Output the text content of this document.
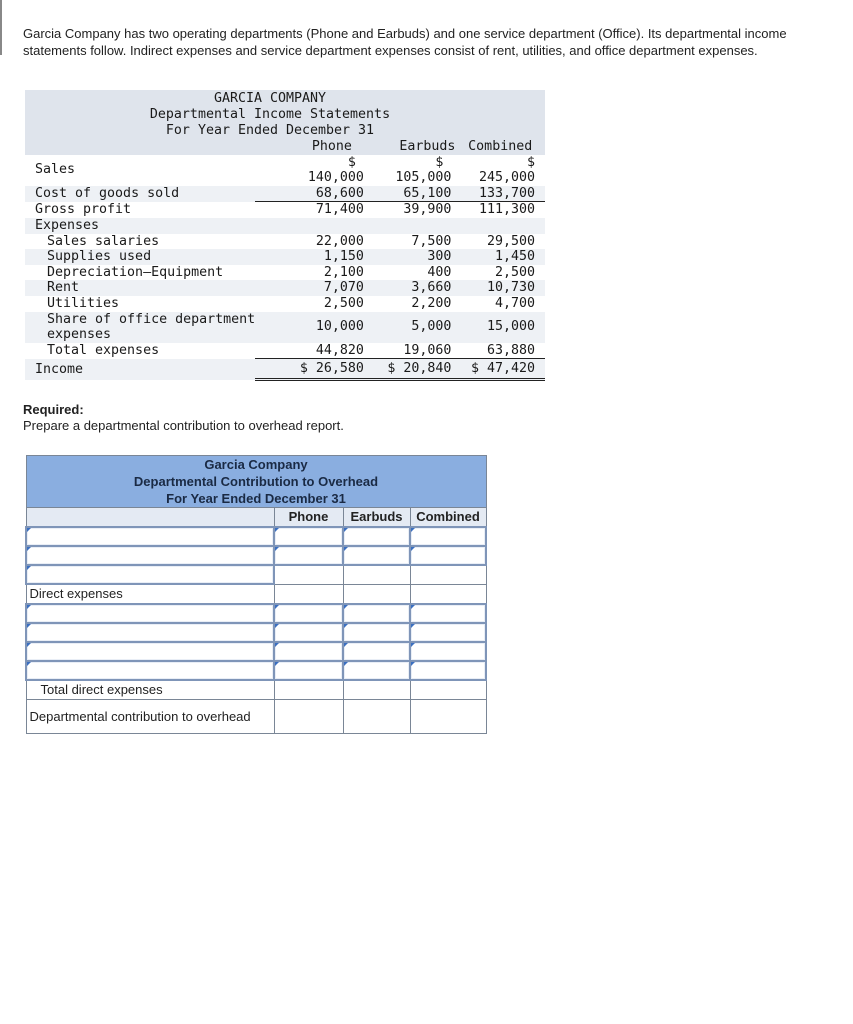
Garcia Company has two operating departments (Phone and Earbuds) and one service department (Office). Its departmental income statements follow. Indirect expenses and service department expenses consist of rent, utilities, and office department expenses.
GARCIA COMPANY
Departmental Income Statements
For Year Ended December 31
	Phone	Earbuds	Combined
	$	$	$
Sales	140,000	105,000	245,000
Cost of goods sold	68,600	65,100	133,700
Gross profit	71,400	39,900	111,300
Expenses			
Sales salaries	22,000	7,500	29,500
Supplies used	1,150	300	1,450
Depreciation—Equipment	2,100	400	2,500
Rent	7,070	3,660	10,730
Utilities	2,500	2,200	4,700
Share of office department
expenses	10,000	5,000	15,000
Total expenses	44,820	19,060	63,880
Income	$ 26,580	$ 20,840	$ 47,420
Required:
Prepare a departmental contribution to overhead report.
Garcia Company			
Departmental Contribution to Overhead			
For Year Ended December 31			
	Phone	Earbuds	Combined

Direct expenses			

Total direct expenses			
Departmental contribution to overhead			
